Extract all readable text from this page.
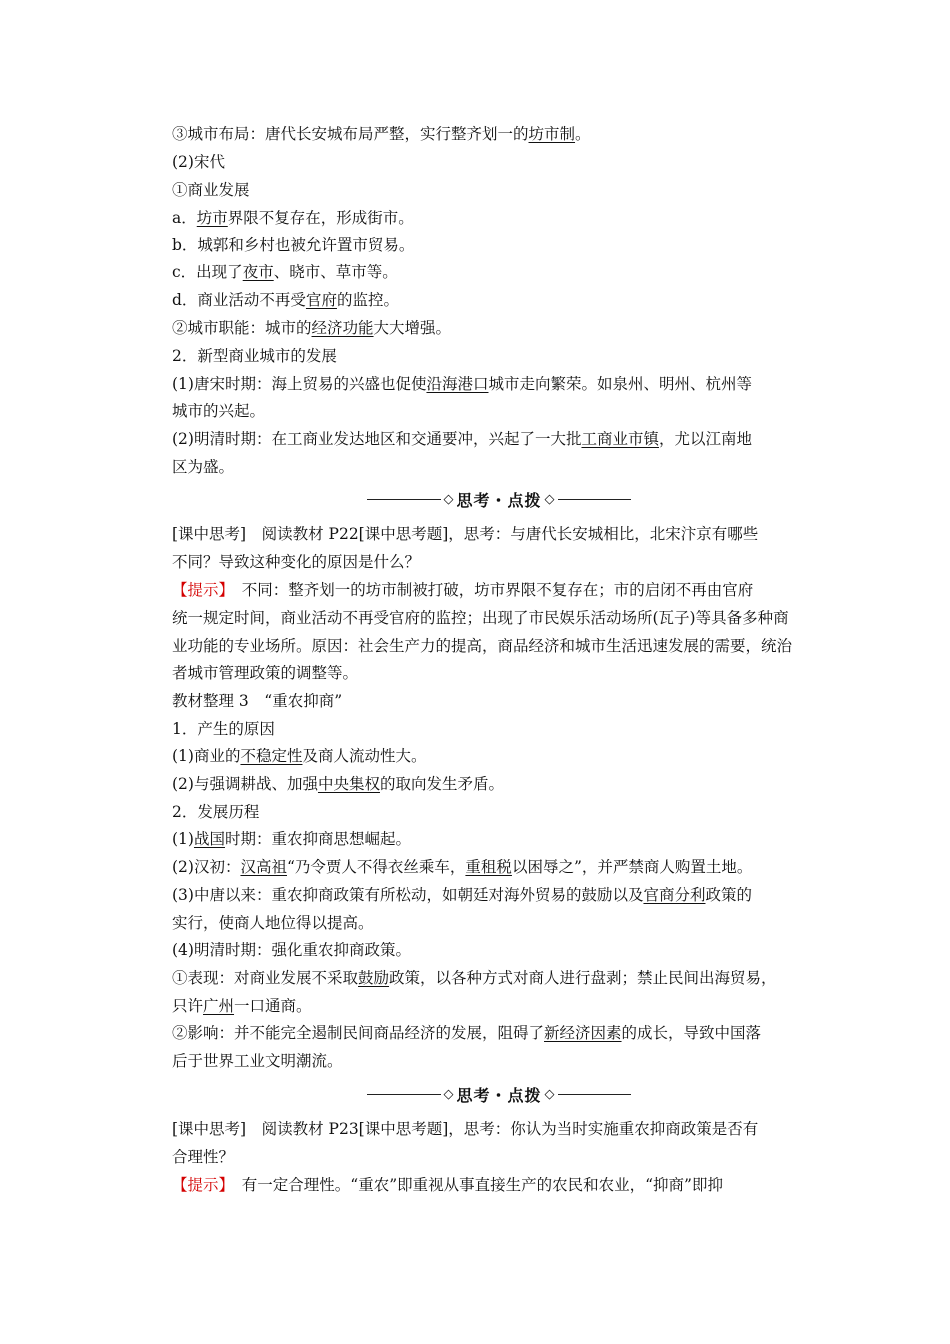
③城市布局：唐代长安城布局严整，实行整齐划一的坊市制。
(2)宋代
①商业发展
a．坊市界限不复存在，形成街市。
b．城郭和乡村也被允许置市贸易。
c．出现了夜市、晓市、草市等。
d．商业活动不再受官府的监控。
②城市职能：城市的经济功能大大增强。
2．新型商业城市的发展
(1)唐宋时期：海上贸易的兴盛也促使沿海港口城市走向繁荣。如泉州、明州、杭州等
城市的兴起。
(2)明清时期：在工商业发达地区和交通要冲，兴起了一大批工商业市镇，尤以江南地
区为盛。
◇ 思考・点拨 ◇
[课中思考]　阅读教材 P22[课中思考题]，思考：与唐代长安城相比，北宋汴京有哪些
不同？导致这种变化的原因是什么？
【提示】　不同：整齐划一的坊市制被打破，坊市界限不复存在；市的启闭不再由官府
统一规定时间，商业活动不再受官府的监控；出现了市民娱乐活动场所(瓦子)等具备多种商
业功能的专业场所。原因：社会生产力的提高，商品经济和城市生活迅速发展的需要，统治
者城市管理政策的调整等。
教材整理 3　“重农抑商”
1．产生的原因
(1)商业的不稳定性及商人流动性大。
(2)与强调耕战、加强中央集权的取向发生矛盾。
2．发展历程
(1)战国时期：重农抑商思想崛起。
(2)汉初：汉高祖“乃令贾人不得衣丝乘车，重租税以困辱之”，并严禁商人购置土地。
(3)中唐以来：重农抑商政策有所松动，如朝廷对海外贸易的鼓励以及官商分利政策的
实行，使商人地位得以提高。
(4)明清时期：强化重农抑商政策。
①表现：对商业发展不采取鼓励政策，以各种方式对商人进行盘剥；禁止民间出海贸易，
只许广州一口通商。
②影响：并不能完全遏制民间商品经济的发展，阻碍了新经济因素的成长，导致中国落
后于世界工业文明潮流。
◇ 思考・点拨 ◇
[课中思考]　阅读教材 P23[课中思考题]，思考：你认为当时实施重农抑商政策是否有
合理性？
【提示】　有一定合理性。“重农”即重视从事直接生产的农民和农业，“抑商”即抑
